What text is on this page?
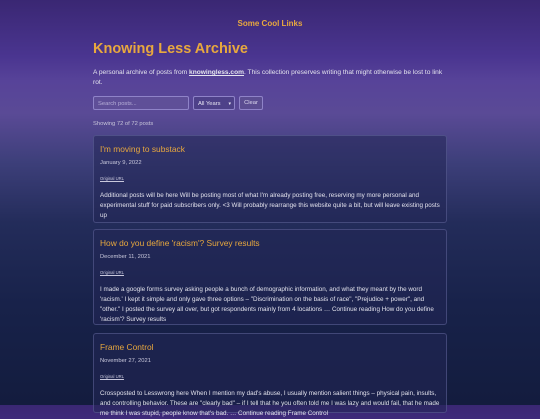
Some Cool Links
Knowing Less Archive

A personal archive of posts from knowingless.com. This collection preserves writing that might otherwise be lost to link rot.

Search posts...	All Years ▾	Clear
Showing 72 of 72 posts
I'm moving to substack
January 9, 2022
Original URL

Additional posts will be here Will be posting most of what I'm already posting free, reserving my more personal and experimental stuff for paid subscribers only. <3 Will probably rearrange this website quite a bit, but will leave existing posts up

How do you define 'racism'? Survey results
December 11, 2021
Original URL

I made a google forms survey asking people a bunch of demographic information, and what they meant by the word 'racism.' I kept it simple and only gave three options – "Discrimination on the basis of race", "Prejudice + power", and "other." I posted the survey all over, but got respondents mainly from 4 locations … Continue reading How do you define 'racism'? Survey results

Frame Control
November 27, 2021
Original URL

Crossposted to Lesswrong here When I mention my dad's abuse, I usually mention salient things – physical pain, insults, and controlling behavior. These are "clearly bad" – if I tell that he you often told me I was lazy and would fail, that he made me think I was stupid, people know that's bad. … Continue reading Frame Control
